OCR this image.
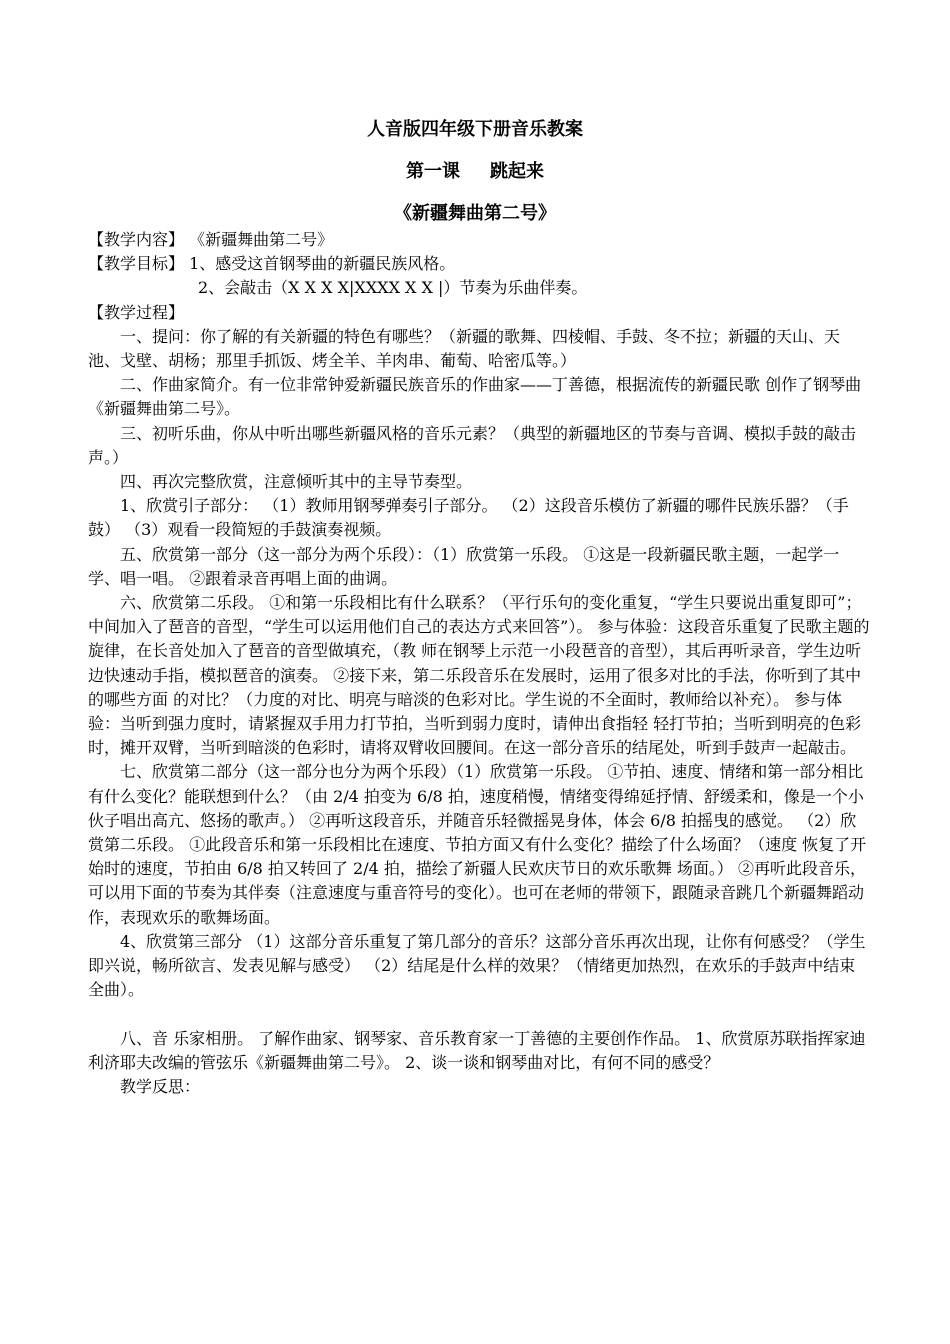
人音版四年级下册音乐教案
第一课 跳起来
《新疆舞曲第二号》

【教学内容】 《新疆舞曲第二号》

【教学目标】 1、感受这首钢琴曲的新疆民族风格。

2、会敲击（X X X X|XXXX X X |）节奏为乐曲伴奏。

【教学过程】

一、提问：你了解的有关新疆的特色有哪些？（新疆的歌舞、四棱帽、手鼓、冬不拉；新疆的天山、天池、戈壁、胡杨；那里手抓饭、烤全羊、羊肉串、葡萄、哈密瓜等。）

二、作曲家简介。有一位非常钟爱新疆民族音乐的作曲家——丁善德，根据流传的新疆民歌 创作了钢琴曲《新疆舞曲第二号》。

三、初听乐曲，你从中听出哪些新疆风格的音乐元素？（典型的新疆地区的节奏与音调、模拟手鼓的敲击声。）

四、再次完整欣赏，注意倾听其中的主导节奏型。

1、欣赏引子部分： （1）教师用钢琴弹奏引子部分。 （2）这段音乐模仿了新疆的哪件民族乐器？（手鼓） （3）观看一段简短的手鼓演奏视频。

五、欣赏第一部分（这一部分为两个乐段）：（1）欣赏第一乐段。 ①这是一段新疆民歌主题，一起学一学、唱一唱。 ②跟着录音再唱上面的曲调。

六、欣赏第二乐段。 ①和第一乐段相比有什么联系？（平行乐句的变化重复，“学生只要说出重复即可”；中间加入了琶音的音型，“学生可以运用他们自己的表达方式来回答”）。 参与体验：这段音乐重复了民歌主题的旋律，在长音处加入了琶音的音型做填充，（教 师在钢琴上示范一小段琶音的音型），其后再听录音，学生边听边快速动手指，模拟琶音的演奏。 ②接下来，第二乐段音乐在发展时，运用了很多对比的手法，你听到了其中的哪些方面 的对比？（力度的对比、明亮与暗淡的色彩对比。学生说的不全面时，教师给以补充）。 参与体验：当听到强力度时，请紧握双手用力打节拍，当听到弱力度时，请伸出食指轻 轻打节拍；当听到明亮的色彩时，摊开双臂，当听到暗淡的色彩时，请将双臂收回腰间。在这一部分音乐的结尾处，听到手鼓声一起敲击。

七、欣赏第二部分（这一部分也分为两个乐段）（1）欣赏第一乐段。 ①节拍、速度、情绪和第一部分相比有什么变化？能联想到什么？（由 2/4 拍变为 6/8 拍，速度稍慢，情绪变得绵延抒情、舒缓柔和，像是一个小伙子唱出高亢、悠扬的歌声。） ②再听这段音乐，并随音乐轻微摇晃身体，体会 6/8 拍摇曳的感觉。 （2）欣赏第二乐段。 ①此段音乐和第一乐段相比在速度、节拍方面又有什么变化？描绘了什么场面？（速度 恢复了开始时的速度，节拍由 6/8 拍又转回了 2/4 拍，描绘了新疆人民欢庆节日的欢乐歌舞 场面。） ②再听此段音乐，可以用下面的节奏为其伴奏（注意速度与重音符号的变化）。也可在老师的带领下，跟随录音跳几个新疆舞蹈动作，表现欢乐的歌舞场面。

4、欣赏第三部分 （1）这部分音乐重复了第几部分的音乐？这部分音乐再次出现，让你有何感受？（学生即兴说，畅所欲言、发表见解与感受） （2）结尾是什么样的效果？（情绪更加热烈，在欢乐的手鼓声中结束全曲）。

八、音 乐家相册。 了解作曲家、钢琴家、音乐教育家一丁善德的主要创作作品。 1、欣赏原苏联指挥家迪利济耶夫改编的管弦乐《新疆舞曲第二号》。 2、谈一谈和钢琴曲对比，有何不同的感受？

教学反思：
